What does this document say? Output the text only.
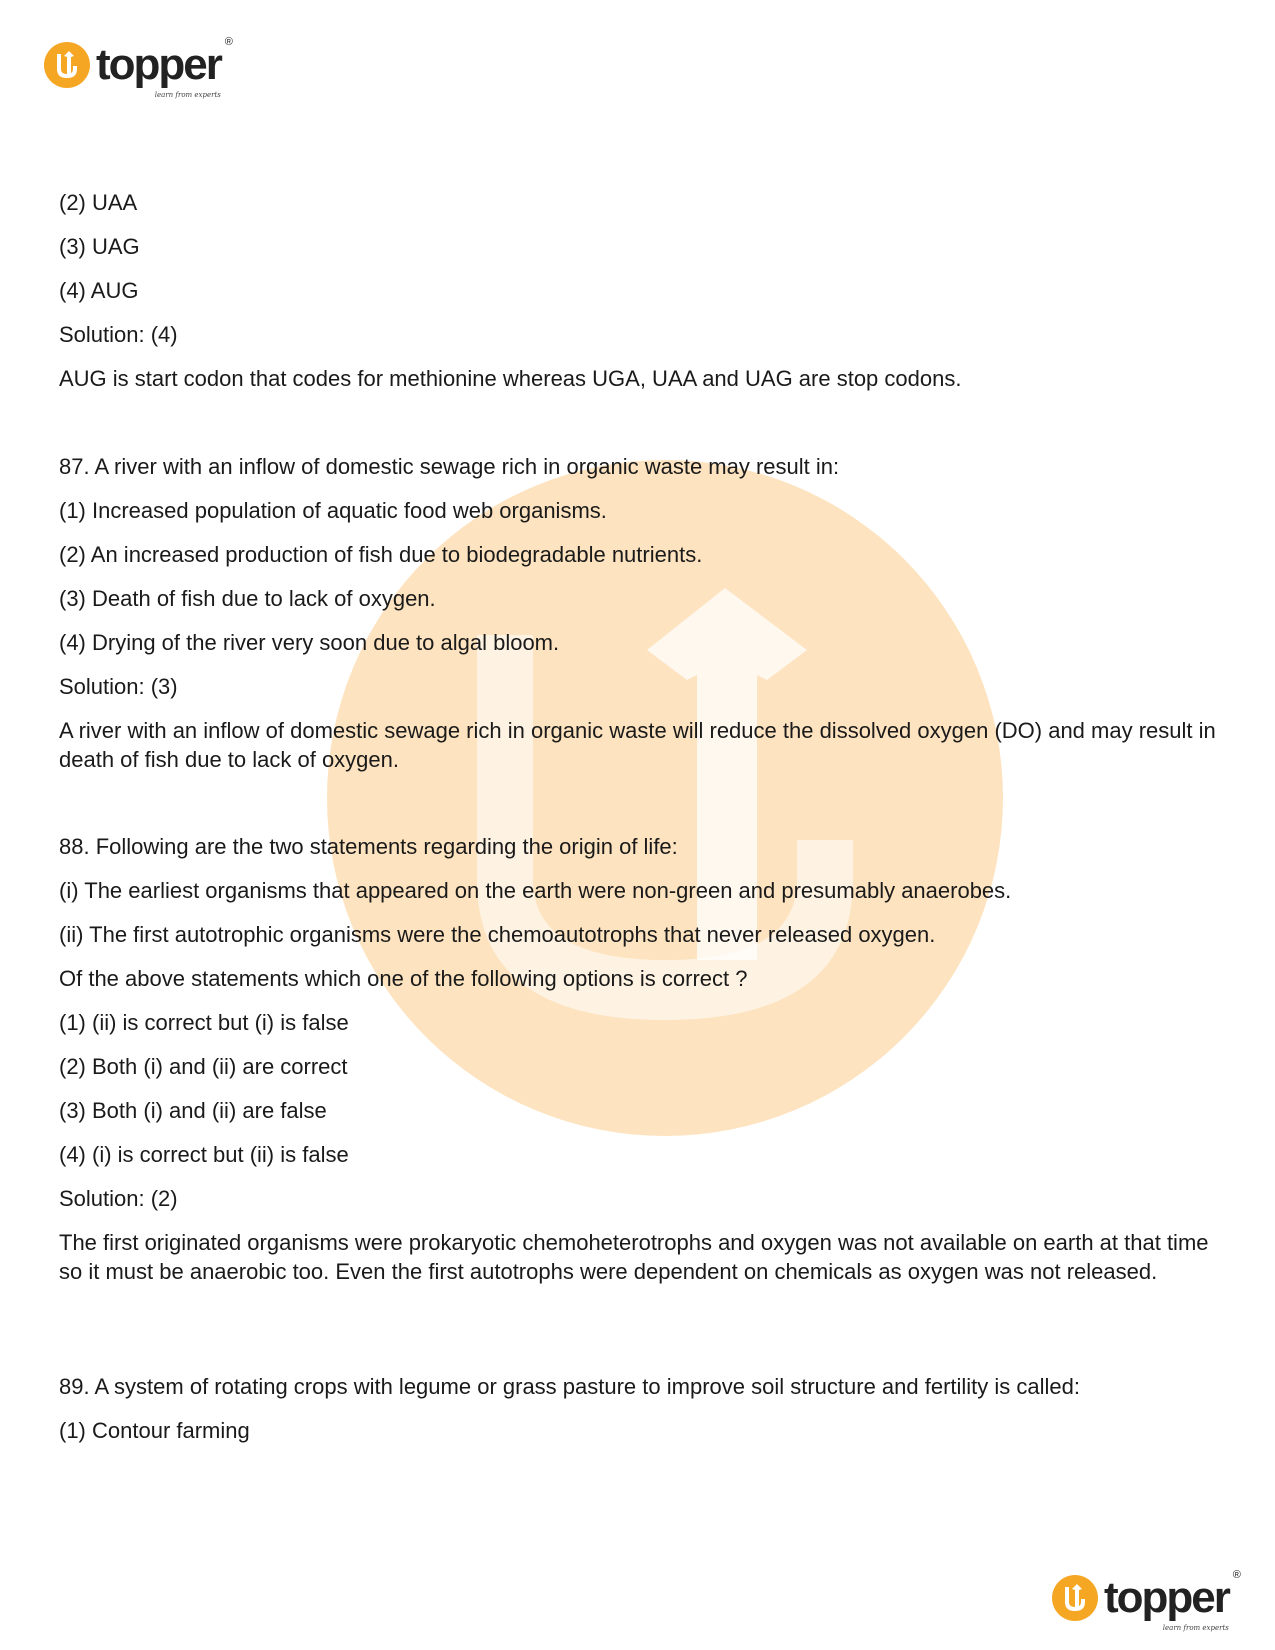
topper ®
learn from experts

(2) UAA

(3) UAG

(4) AUG

Solution: (4)

AUG is start codon that codes for methionine whereas UGA, UAA and UAG are stop codons.

87. A river with an inflow of domestic sewage rich in organic waste may result in:

(1) Increased population of aquatic food web organisms.

(2) An increased production of fish due to biodegradable nutrients.

(3) Death of fish due to lack of oxygen.

(4) Drying of the river very soon due to algal bloom.

Solution: (3)

A river with an inflow of domestic sewage rich in organic waste will reduce the dissolved oxygen (DO) and may result in death of fish due to lack of oxygen.

88. Following are the two statements regarding the origin of life:

(i) The earliest organisms that appeared on the earth were non-green and presumably anaerobes.

(ii) The first autotrophic organisms were the chemoautotrophs that never released oxygen.

Of the above statements which one of the following options is correct ?

(1) (ii) is correct but (i) is false

(2) Both (i) and (ii) are correct

(3) Both (i) and (ii) are false

(4) (i) is correct but (ii) is false

Solution: (2)

The first originated organisms were prokaryotic chemoheterotrophs and oxygen was not available on earth at that time so it must be anaerobic too. Even the first autotrophs were dependent on chemicals as oxygen was not released.

89. A system of rotating crops with legume or grass pasture to improve soil structure and fertility is called:

(1) Contour farming

topper ®
learn from experts
